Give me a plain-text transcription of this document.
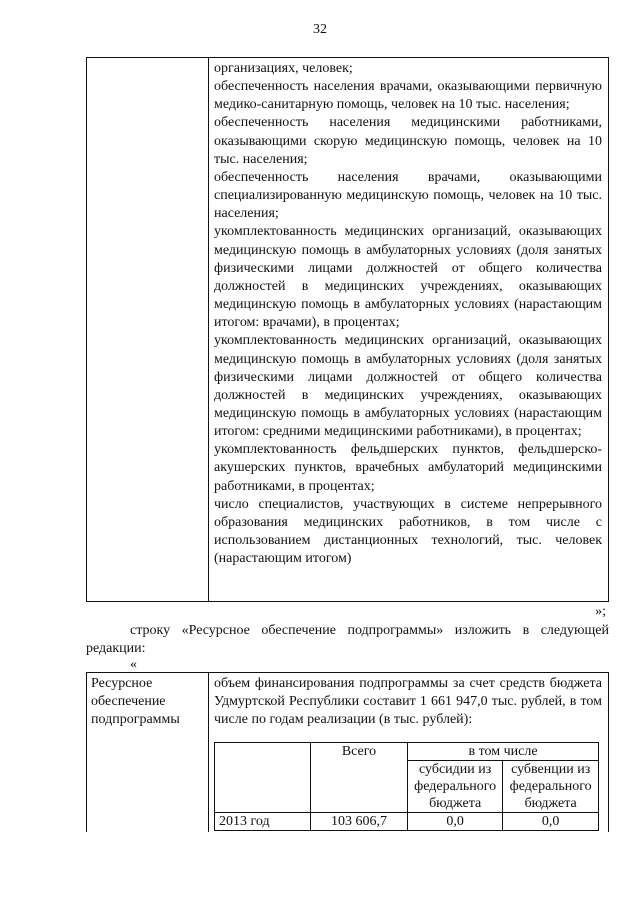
32

организациях, человек;

обеспеченность населения врачами, оказывающими первичную медико-санитарную помощь, человек на 10 тыс. населения;

обеспеченность населения медицинскими работниками, оказывающими скорую медицинскую помощь, человек на 10 тыс. населения;

обеспеченность населения врачами, оказывающими специализированную медицинскую помощь, человек на 10 тыс. населения;

укомплектованность медицинских организаций, оказывающих медицинскую помощь в амбулаторных условиях (доля занятых физическими лицами должностей от общего количества должностей в медицинских учреждениях, оказывающих медицинскую помощь в амбулаторных условиях (нарастающим итогом: врачами), в процентах;

укомплектованность медицинских организаций, оказывающих медицинскую помощь в амбулаторных условиях (доля занятых физическими лицами должностей от общего количества должностей в медицинских учреждениях, оказывающих медицинскую помощь в амбулаторных условиях (нарастающим итогом: средними медицинскими работниками), в процентах;

укомплектованность фельдшерских пунктов, фельдшерско-акушерских пунктов, врачебных амбулаторий медицинскими работниками, в процентах;

число специалистов, участвующих в системе непрерывного образования медицинских работников, в том числе с использованием дистанционных технологий, тыс. человек (нарастающим итогом)

»;
строку «Ресурсное обеспечение подпрограммы» изложить в следующей редакции:
«
Ресурсное обеспечение подпрограммы
объем финансирования подпрограммы за счет средств бюджета Удмуртской Республики составит 1 661 947,0 тыс. рублей, в том числе по годам реализации (в тыс. рублей):
	Всего	в том числе	
		субсидии из федерального бюджета	субвенции из федерального бюджета
2013 год	103 606,7	0,0	0,0
